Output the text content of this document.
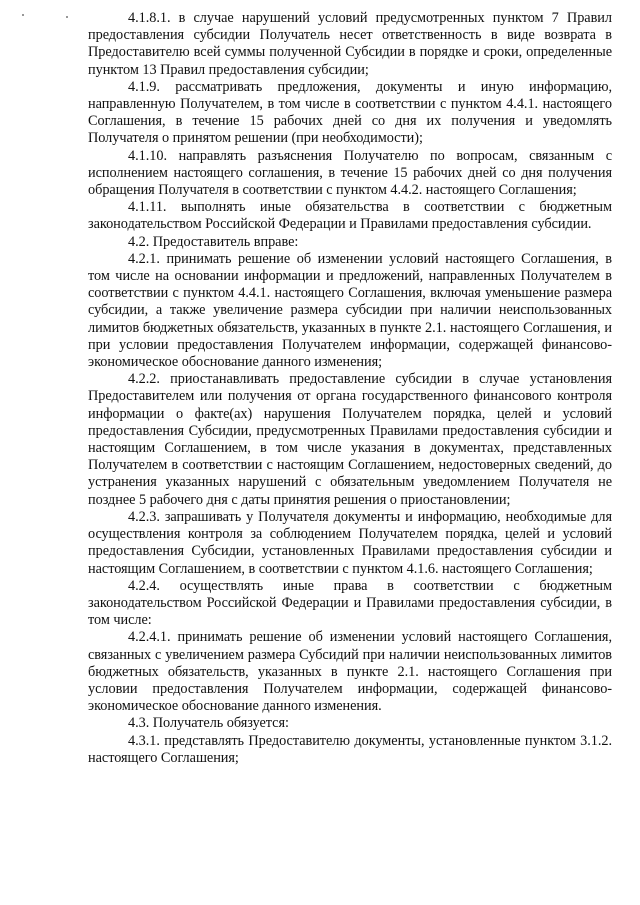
4.1.8.1. в случае нарушений условий предусмотренных пунктом 7 Правил предоставления субсидии Получатель несет ответственность в виде возврата в Предоставителю всей суммы полученной Субсидии в порядке и сроки, определенные пунктом 13 Правил предоставления субсидии;

4.1.9. рассматривать предложения, документы и иную информацию, направленную Получателем, в том числе в соответствии с пунктом 4.4.1. настоящего Соглашения, в течение 15 рабочих дней со дня их получения и уведомлять Получателя о принятом решении (при необходимости);

4.1.10. направлять разъяснения Получателю по вопросам, связанным с исполнением настоящего соглашения, в течение 15 рабочих дней со дня получения обращения Получателя в соответствии с пунктом 4.4.2. настоящего Соглашения;

4.1.11. выполнять иные обязательства в соответствии с бюджетным законодательством Российской Федерации и Правилами предоставления субсидии.

4.2. Предоставитель вправе:

4.2.1. принимать решение об изменении условий настоящего Соглашения, в том числе на основании информации и предложений, направленных Получателем в соответствии с пунктом 4.4.1. настоящего Соглашения, включая уменьшение размера субсидии, а также увеличение размера субсидии при наличии неиспользованных лимитов бюджетных обязательств, указанных в пункте 2.1. настоящего Соглашения, и при условии предоставления Получателем информации, содержащей финансово-экономическое обоснование данного изменения;

4.2.2. приостанавливать предоставление субсидии в случае установления Предоставителем или получения от органа государственного финансового контроля информации о факте(ах) нарушения Получателем порядка, целей и условий предоставления Субсидии, предусмотренных Правилами предоставления субсидии и настоящим Соглашением, в том числе указания в документах, представленных Получателем в соответствии с настоящим Соглашением, недостоверных сведений, до устранения указанных нарушений с обязательным уведомлением Получателя не позднее 5 рабочего дня с даты принятия решения о приостановлении;

4.2.3. запрашивать у Получателя документы и информацию, необходимые для осуществления контроля за соблюдением Получателем порядка, целей и условий предоставления Субсидии, установленных Правилами предоставления субсидии и настоящим Соглашением, в соответствии с пунктом 4.1.6. настоящего Соглашения;

4.2.4. осуществлять иные права в соответствии с бюджетным законодательством Российской Федерации и Правилами предоставления субсидии, в том числе:

4.2.4.1. принимать решение об изменении условий настоящего Соглашения, связанных с увеличением размера Субсидий при наличии неиспользованных лимитов бюджетных обязательств, указанных в пункте 2.1. настоящего Соглашения при условии предоставления Получателем информации, содержащей финансово-экономическое обоснование данного изменения.

4.3. Получатель обязуется:

4.3.1. представлять Предоставителю документы, установленные пунктом 3.1.2. настоящего Соглашения;
